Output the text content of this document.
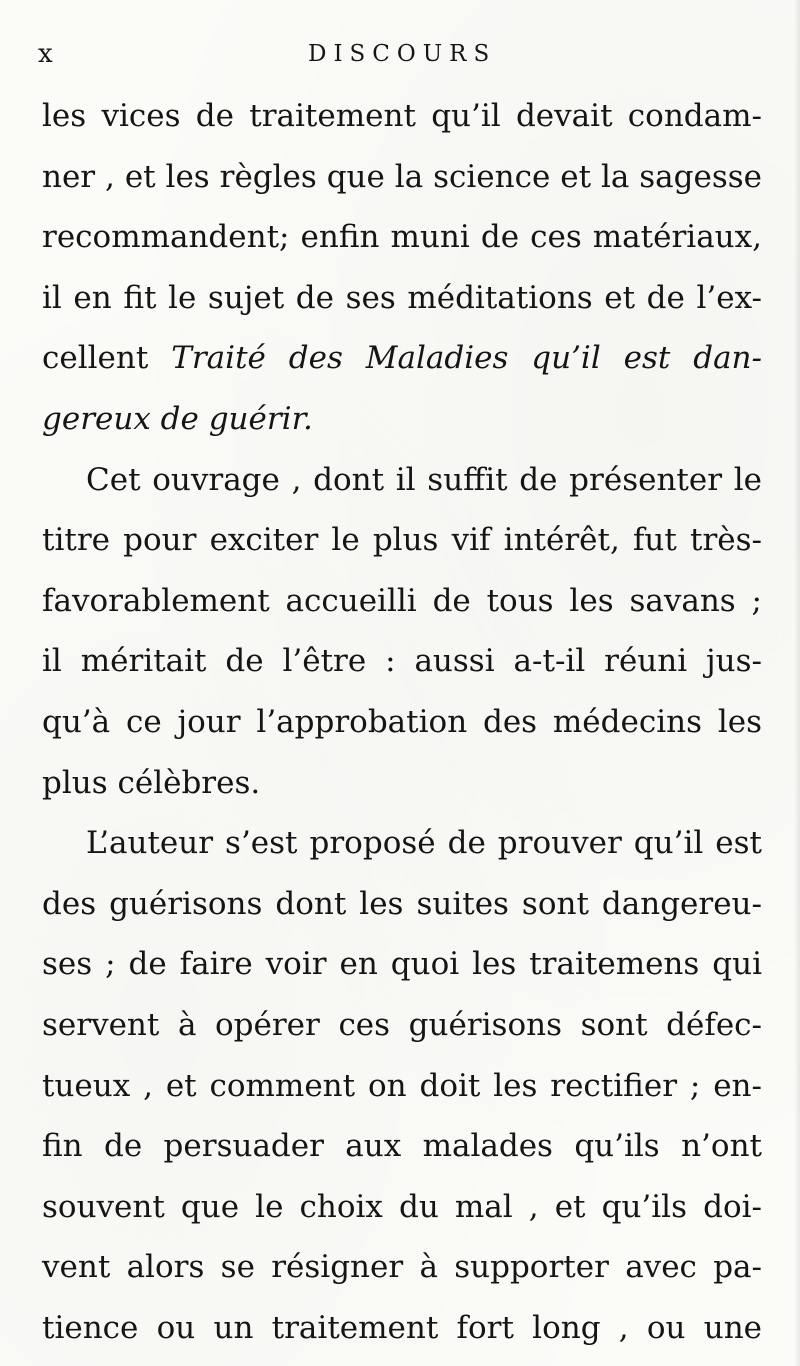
x	DISCOURS
les vices de traitement qu’il devait condam-
ner , et les règles que la science et la sagesse
recommandent; enfin muni de ces matériaux,
il en fit le sujet de ses méditations et de l’ex-
cellent Traité des Maladies qu’il est dan-
gereux de guérir.
Cet ouvrage , dont il suffit de présenter le
titre pour exciter le plus vif intérêt, fut très-
favorablement accueilli de tous les savans ;
il méritait de l’être : aussi a-t-il réuni jus-
qu’à ce jour l’approbation des médecins les
plus célèbres.
L’auteur s’est proposé de prouver qu’il est
des guérisons dont les suites sont dangereu-
ses ; de faire voir en quoi les traitemens qui
servent à opérer ces guérisons sont défec-
tueux , et comment on doit les rectifier ; en-
fin de persuader aux malades qu’ils n’ont
souvent que le choix du mal , et qu’ils doi-
vent alors se résigner à supporter avec pa-
tience ou un traitement fort long , ou une
